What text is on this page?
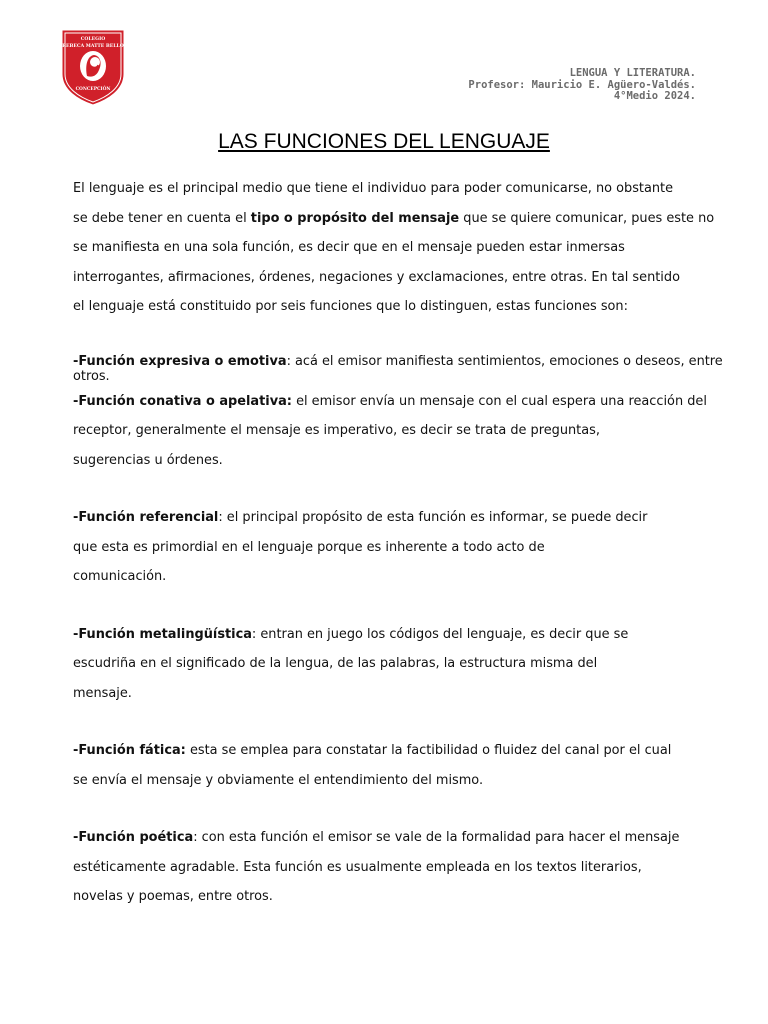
COLEGIO
REBECA MATTE BELLO
CONCEPCIÓN
LENGUA Y LITERATURA.
Profesor: Mauricio E. Agüero-Valdés.
4°Medio 2024.
LAS FUNCIONES DEL LENGUAJE
El lenguaje es el principal medio que tiene el individuo para poder comunicarse, no obstante
se debe tener en cuenta el tipo o propósito del mensaje que se quiere comunicar, pues este no
se manifiesta en una sola función, es decir que en el mensaje pueden estar inmersas
interrogantes, afirmaciones, órdenes, negaciones y exclamaciones, entre otras. En tal sentido
el lenguaje está constituido por seis funciones que lo distinguen, estas funciones son:
-Función expresiva o emotiva: acá el emisor manifiesta sentimientos, emociones o deseos, entre
otros.
-Función conativa o apelativa: el emisor envía un mensaje con el cual espera una reacción del
receptor, generalmente el mensaje es imperativo, es decir se trata de preguntas,
sugerencias u órdenes.
-Función referencial: el principal propósito de esta función es informar, se puede decir
que esta es primordial en el lenguaje porque es inherente a todo acto de
comunicación.
-Función metalingüística: entran en juego los códigos del lenguaje, es decir que se
escudriña en el significado de la lengua, de las palabras, la estructura misma del
mensaje.
-Función fática: esta se emplea para constatar la factibilidad o fluidez del canal por el cual
se envía el mensaje y obviamente el entendimiento del mismo.
-Función poética: con esta función el emisor se vale de la formalidad para hacer el mensaje
estéticamente agradable. Esta función es usualmente empleada en los textos literarios,
novelas y poemas, entre otros.
